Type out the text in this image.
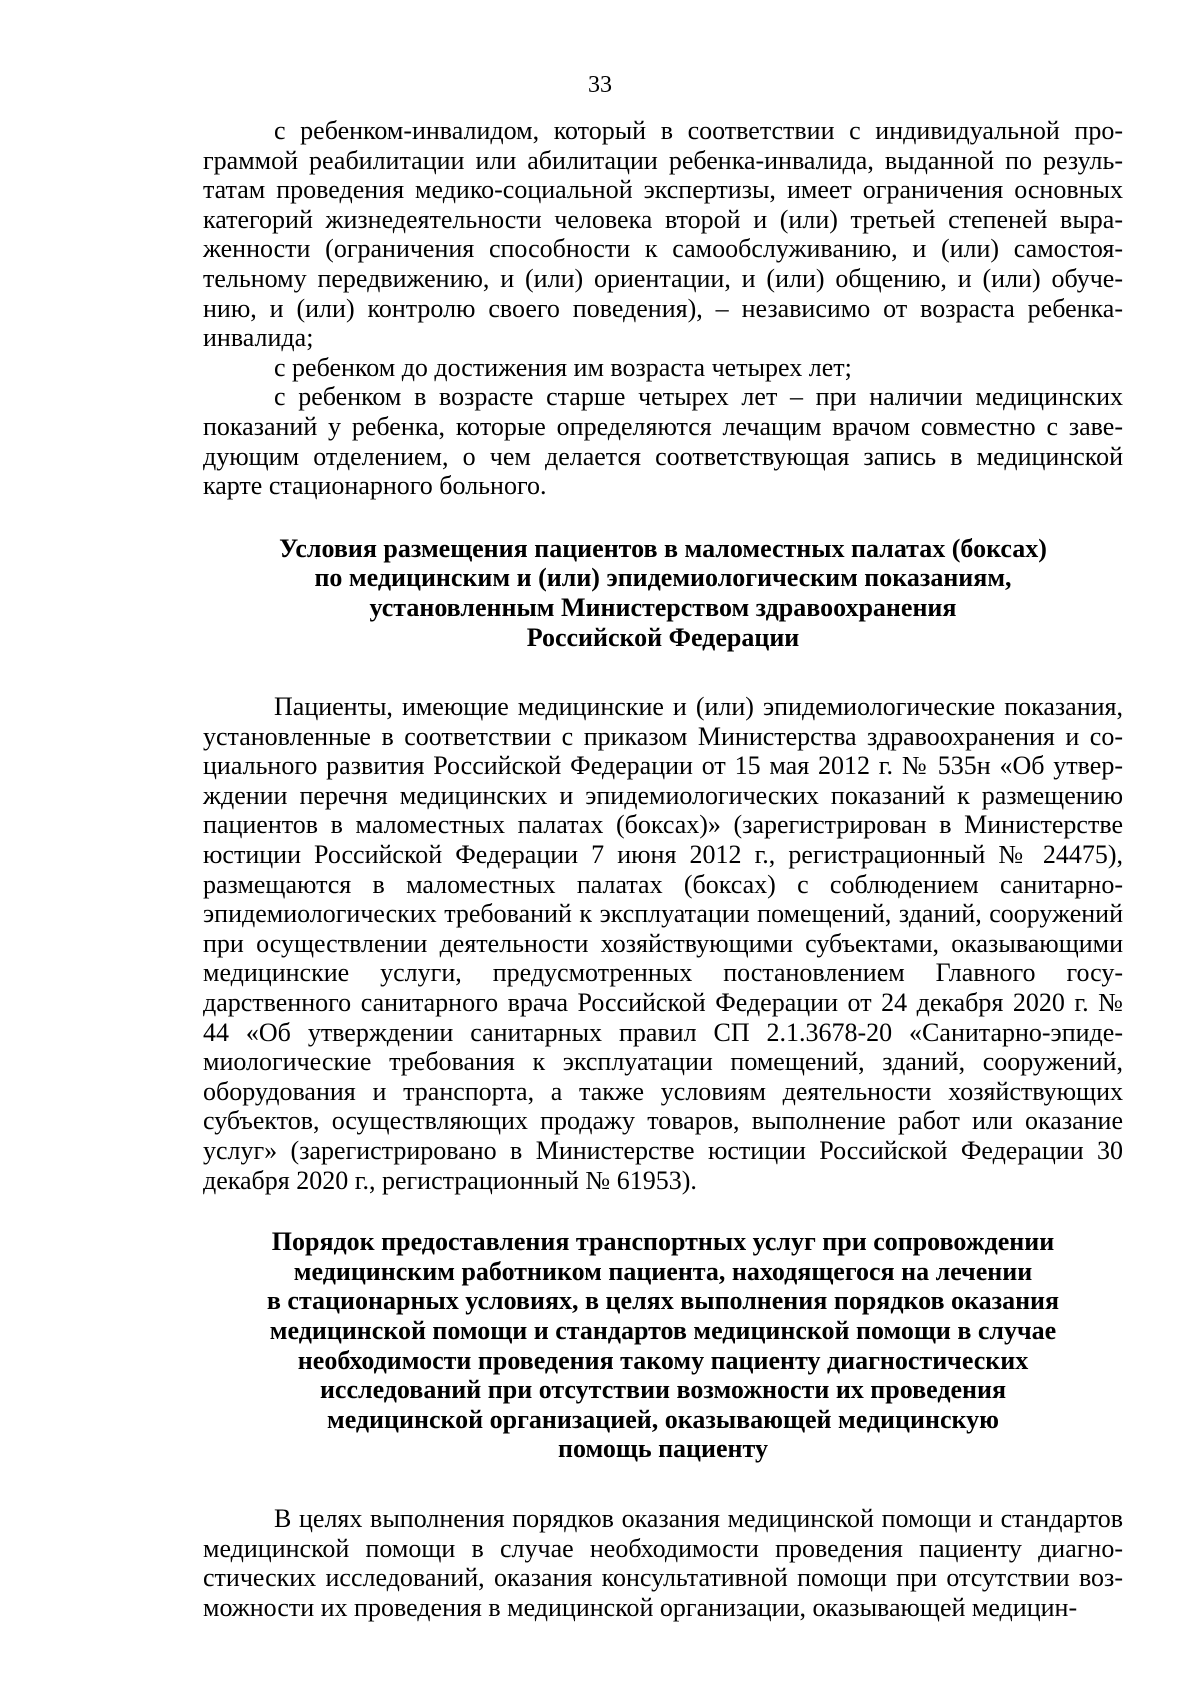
33

с ребенком-инвалидом, который в соответствии с индивидуальной программой реабилитации или абилитации ребенка-инвалида, выданной по результатам проведения медико-социальной экспертизы, имеет ограничения основных категорий жизнедеятельности человека второй и (или) третьей степеней выраженности (ограничения способности к самообслуживанию, и (или) самостоятельному передвижению, и (или) ориентации, и (или) общению, и (или) обучению, и (или) контролю своего поведения), – независимо от возраста ребенка-инвалида;

с ребенком до достижения им возраста четырех лет;

с ребенком в возрасте старше четырех лет – при наличии медицинских показаний у ребенка, которые определяются лечащим врачом совместно с заведующим отделением, о чем делается соответствующая запись в медицинской карте стационарного больного.

Условия размещения пациентов в маломестных палатах (боксах)
по медицинским и (или) эпидемиологическим показаниям,
установленным Министерством здравоохранения
Российской Федерации

Пациенты, имеющие медицинские и (или) эпидемиологические показания, установленные в соответствии с приказом Министерства здравоохранения и социального развития Российской Федерации от 15 мая 2012 г. № 535н «Об утверждении перечня медицинских и эпидемиологических показаний к размещению пациентов в маломестных палатах (боксах)» (зарегистрирован в Министерстве юстиции Российской Федерации 7 июня 2012 г., регистрационный № 24475), размещаются в маломестных палатах (боксах) с соблюдением санитарно-эпидемиологических требований к эксплуатации помещений, зданий, сооружений при осуществлении деятельности хозяйствующими субъектами, оказывающими медицинские услуги, предусмотренных постановлением Главного государственного санитарного врача Российской Федерации от 24 декабря 2020 г. № 44 «Об утверждении санитарных правил СП 2.1.3678-20 «Санитарно-эпидемиологические требования к эксплуатации помещений, зданий, сооружений, оборудования и транспорта, а также условиям деятельности хозяйствующих субъектов, осуществляющих продажу товаров, выполнение работ или оказание услуг» (зарегистрировано в Министерстве юстиции Российской Федерации 30 декабря 2020 г., регистрационный № 61953).

Порядок предоставления транспортных услуг при сопровождении
медицинским работником пациента, находящегося на лечении
в стационарных условиях, в целях выполнения порядков оказания
медицинской помощи и стандартов медицинской помощи в случае
необходимости проведения такому пациенту диагностических
исследований при отсутствии возможности их проведения
медицинской организацией, оказывающей медицинскую
помощь пациенту

В целях выполнения порядков оказания медицинской помощи и стандартов медицинской помощи в случае необходимости проведения пациенту диагностических исследований, оказания консультативной помощи при отсутствии возможности их проведения в медицинской организации, оказывающей медицин-
